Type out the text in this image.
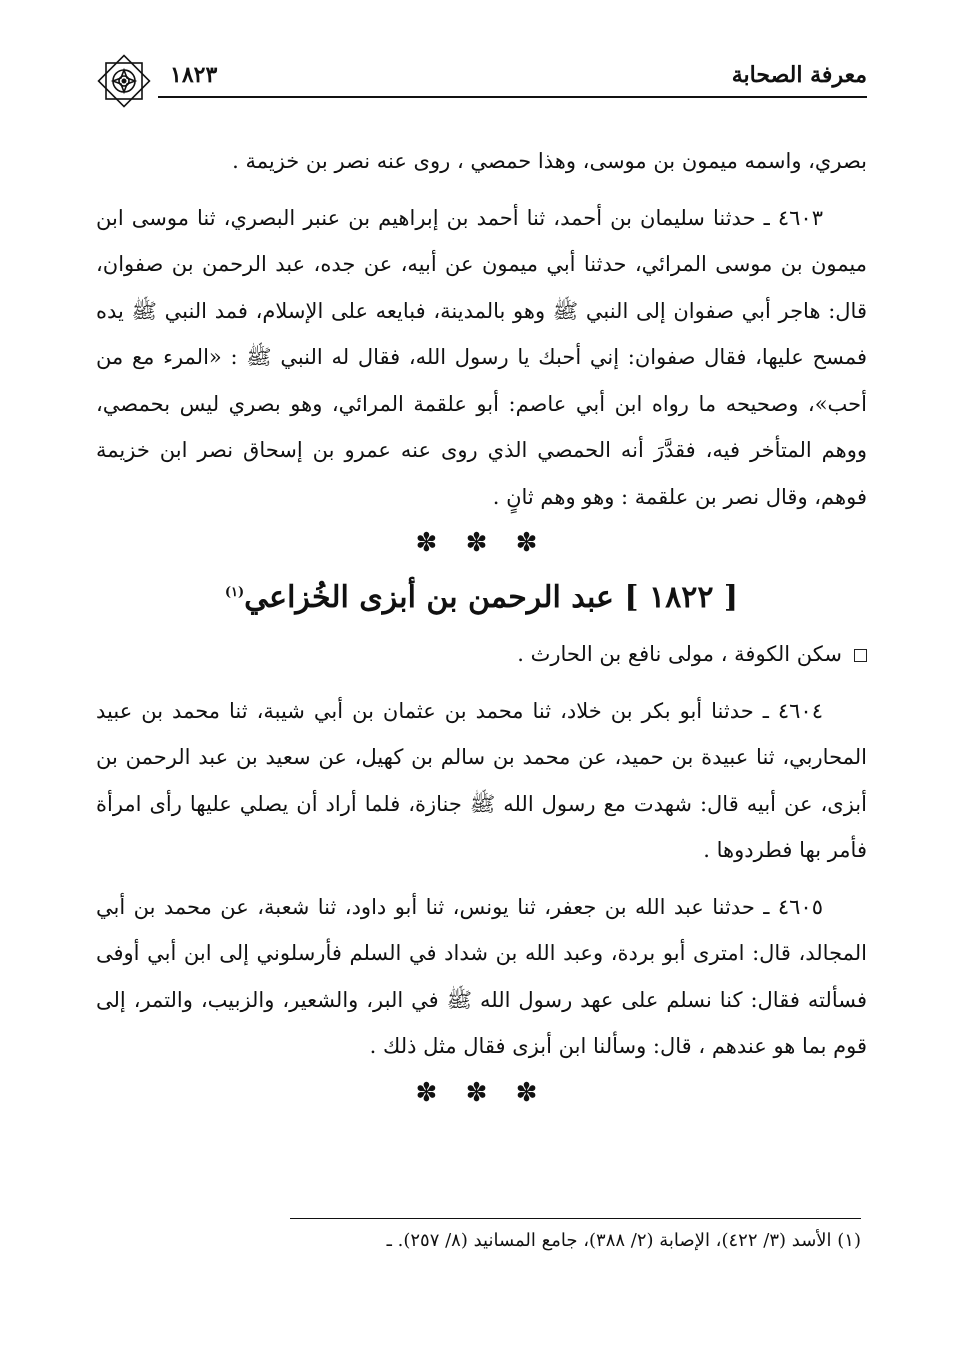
معرفة الصحابة
١٨٢٣

بصري، واسمه ميمون بن موسى، وهذا حمصي ، روى عنه نصر بن خزيمة .

٤٦٠٣ ـ حدثنا سليمان بن أحمد، ثنا أحمد بن إبراهيم بن عنبر البصري، ثنا موسى ابن ميمون بن موسى المرائي، حدثنا أبي ميمون عن أبيه، عن جده، عبد الرحمن بن صفوان، قال: هاجر أبي صفوان إلى النبي ﷺ وهو بالمدينة، فبايعه على الإسلام، فمد النبي ﷺ يده فمسح عليها، فقال صفوان: إني أحبك يا رسول الله، فقال له النبي ﷺ : «المرء مع من أحب»، وصحيحه ما رواه ابن أبي عاصم: أبو علقمة المرائي، وهو بصري ليس بحمصي، ووهم المتأخر فيه، فقدَّرَ أنه الحمصي الذي روى عنه عمرو بن إسحاق نصر ابن خزيمة فوهم، وقال نصر بن علقمة : وهو وهم ثانٍ .

✽ ✽ ✽

[ ١٨٢٢ ] عبد الرحمن بن أبزى الخُزاعي$^{(١)}$

سكن الكوفة ، مولى نافع بن الحارث .

٤٦٠٤ ـ حدثنا أبو بكر بن خلاد، ثنا محمد بن عثمان بن أبي شيبة، ثنا محمد بن عبيد المحاربي، ثنا عبيدة بن حميد، عن محمد بن سالم بن كهيل، عن سعيد بن عبد الرحمن بن أبزى، عن أبيه قال: شهدت مع رسول الله ﷺ جنازة، فلما أراد أن يصلي عليها رأى امرأة فأمر بها فطردوها .

٤٦٠٥ ـ حدثنا عبد الله بن جعفر، ثنا يونس، ثنا أبو داود، ثنا شعبة، عن محمد بن أبي المجالد، قال: امترى أبو بردة، وعبد الله بن شداد في السلم فأرسلوني إلى ابن أبي أوفى فسألته فقال: كنا نسلم على عهد رسول الله ﷺ في البر، والشعير، والزبيب، والتمر، إلى قوم بما هو عندهم ، قال: وسألنا ابن أبزى فقال مثل ذلك .

✽ ✽ ✽

(١) الأسد (٣/ ٤٢٢)، الإصابة (٢/ ٣٨٨)، جامع المسانيد (٨/ ٢٥٧). ـ
